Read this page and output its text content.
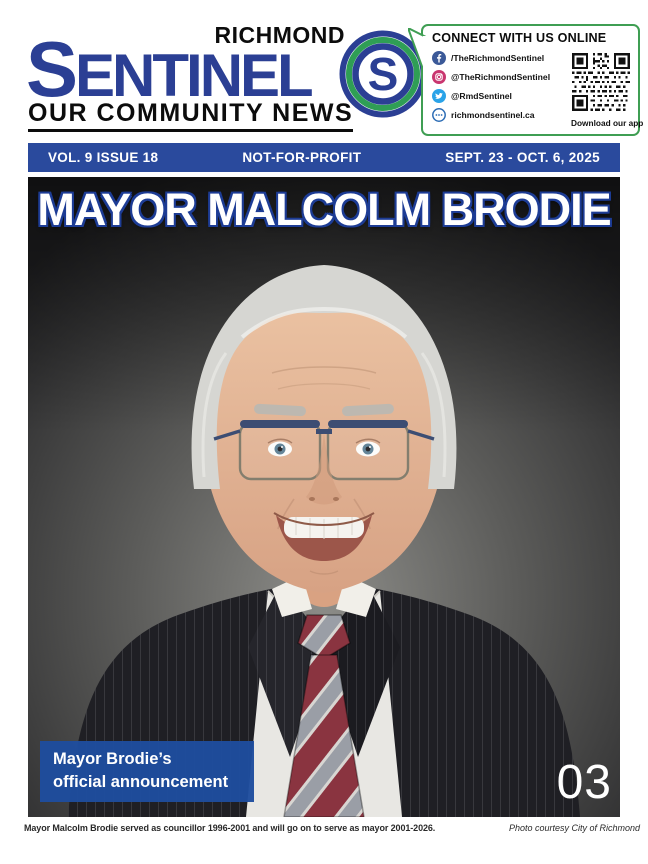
RICHMOND
S ENTINEL S
OUR COMMUNITY NEWS
CONNECT WITH US ONLINE
/TheRichmondSentinel
@TheRichmondSentinel
@RmdSentinel
richmondsentinel.ca
Download our app
VOL. 9 ISSUE 18	NOT-FOR-PROFIT	SEPT. 23 - OCT. 6, 2025
MAYOR MALCOLM BRODIE
Mayor Brodie’s
official announcement	03
Mayor Malcolm Brodie served as councillor 1996-2001 and will go on to serve as mayor 2001-2026.	Photo courtesy City of Richmond
